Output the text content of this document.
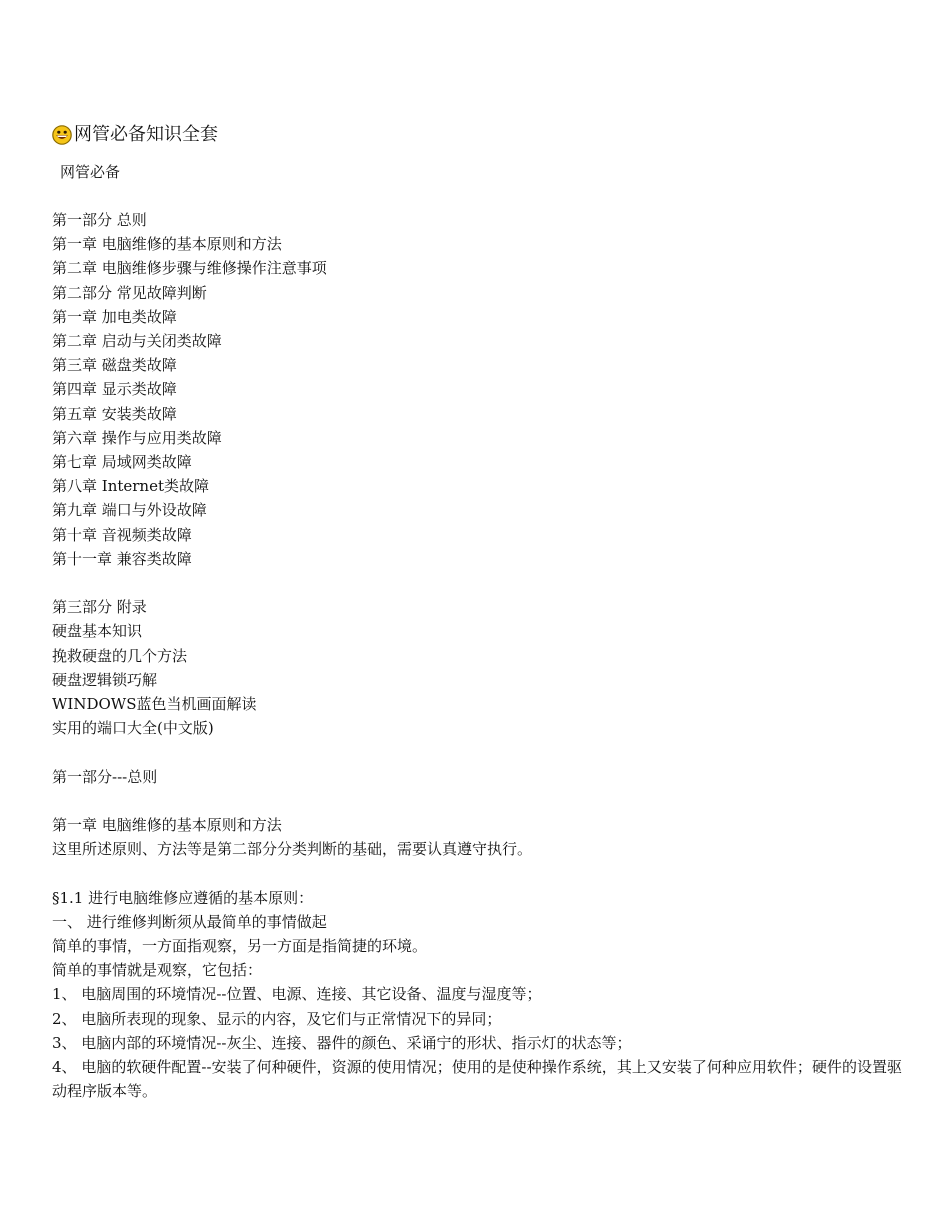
网管必备知识全套
网管必备
第一部分 总则
第一章 电脑维修的基本原则和方法
第二章 电脑维修步骤与维修操作注意事项
第二部分 常见故障判断
第一章 加电类故障
第二章 启动与关闭类故障
第三章 磁盘类故障
第四章 显示类故障
第五章 安装类故障
第六章 操作与应用类故障
第七章 局域网类故障
第八章 Internet类故障
第九章 端口与外设故障
第十章 音视频类故障
第十一章 兼容类故障
第三部分 附录
硬盘基本知识
挽救硬盘的几个方法
硬盘逻辑锁巧解
WINDOWS蓝色当机画面解读
实用的端口大全(中文版)
第一部分---总则
第一章 电脑维修的基本原则和方法
这里所述原则、方法等是第二部分分类判断的基础，需要认真遵守执行。
§1.1 进行电脑维修应遵循的基本原则：
一、 进行维修判断须从最简单的事情做起
简单的事情，一方面指观察，另一方面是指简捷的环境。
简单的事情就是观察，它包括：
1、 电脑周围的环境情况--位置、电源、连接、其它设备、温度与湿度等；
2、 电脑所表现的现象、显示的内容，及它们与正常情况下的异同；
3、 电脑内部的环境情况--灰尘、连接、器件的颜色、采诵宁的形状、指示灯的状态等；
4、 电脑的软硬件配置--安装了何种硬件，资源的使用情况；使用的是使种操作系统，其上又安装了何种应用软件；硬件的设置驱动程序版本等。
